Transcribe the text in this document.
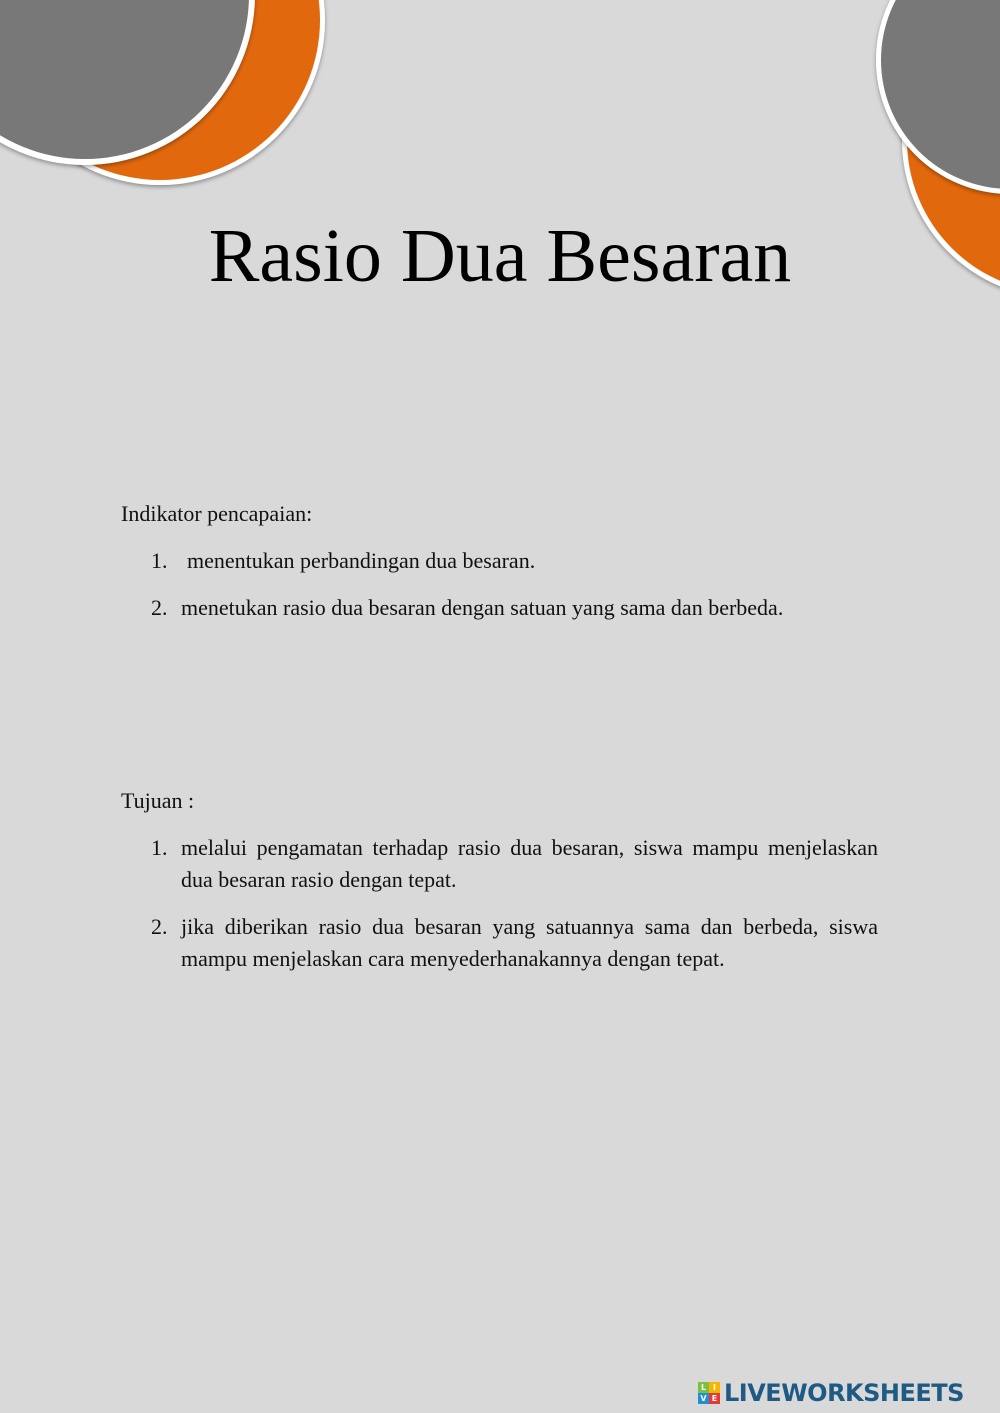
Rasio Dua Besaran

Indikator pencapaian:

1. menentukan perbandingan dua besaran.
2. menetukan rasio dua besaran dengan satuan yang sama dan berbeda.

Tujuan :

1. melalui pengamatan terhadap rasio dua besaran, siswa mampu menjelaskan dua besaran rasio dengan tepat.
2. jika diberikan rasio dua besaran yang satuannya sama dan berbeda, siswa mampu menjelaskan cara menyederhanakannya dengan tepat.
L I
V E LIVEWORKSHEETS
